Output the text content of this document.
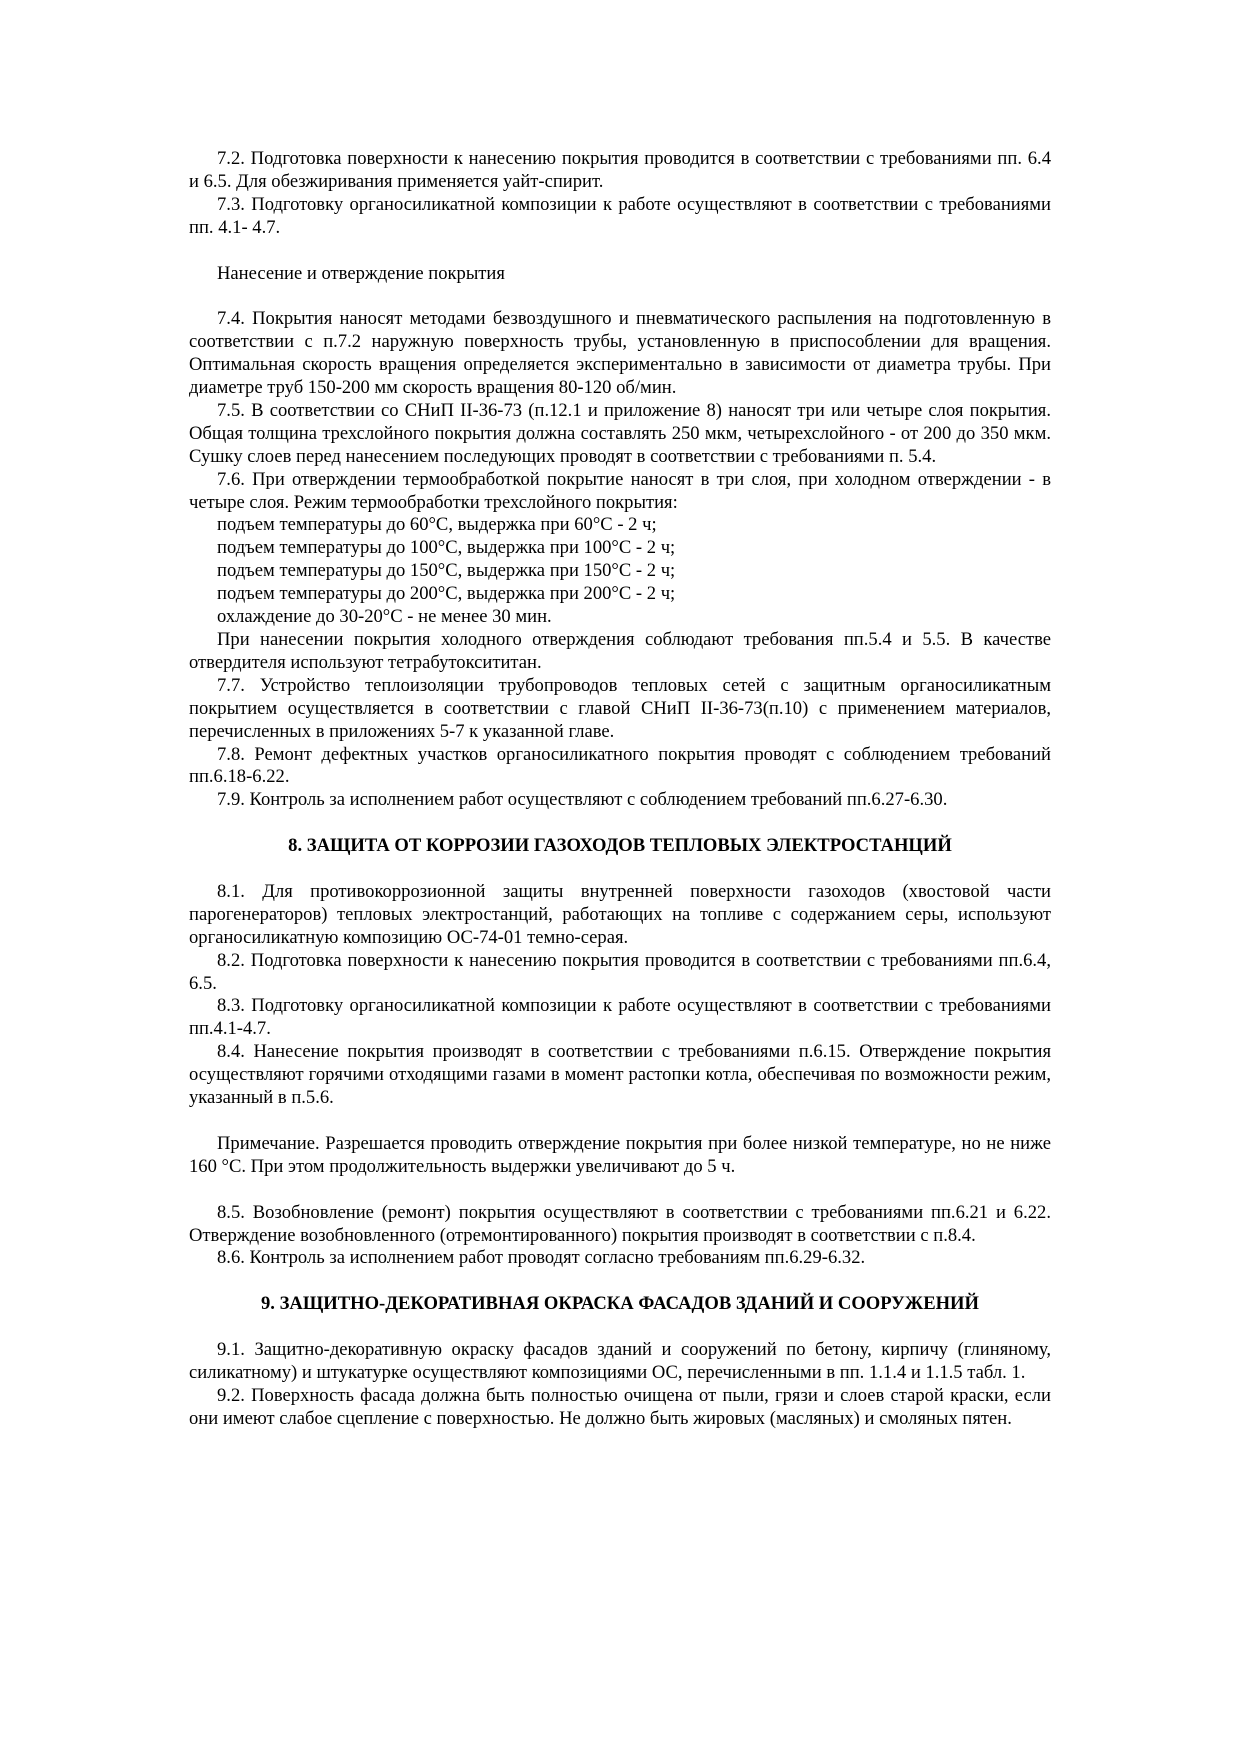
7.2. Подготовка поверхности к нанесению покрытия проводится в соответствии с требованиями пп. 6.4 и 6.5. Для обезжиривания применяется уайт-спирит.

7.3. Подготовку органосиликатной композиции к работе осуществляют в соответствии с требованиями пп. 4.1- 4.7.

Нанесение и отверждение покрытия

7.4. Покрытия наносят методами безвоздушного и пневматического распыления на подготовленную в соответствии с п.7.2 наружную поверхность трубы, установленную в приспособлении для вращения. Оптимальная скорость вращения определяется экспериментально в зависимости от диаметра трубы. При диаметре труб 150-200 мм скорость вращения 80-120 об/мин.

7.5. В соответствии со СНиП II-36-73 (п.12.1 и приложение 8) наносят три или четыре слоя покрытия. Общая толщина трехслойного покрытия должна составлять 250 мкм, четырехслойного - от 200 до 350 мкм. Сушку слоев перед нанесением последующих проводят в соответствии с требованиями п. 5.4.

7.6. При отверждении термообработкой покрытие наносят в три слоя, при холодном отверждении - в четыре слоя. Режим термообработки трехслойного покрытия:

подъем температуры до 60°С, выдержка при 60°С - 2 ч;

подъем температуры до 100°С, выдержка при 100°С - 2 ч;

подъем температуры до 150°С, выдержка при 150°С - 2 ч;

подъем температуры до 200°С, выдержка при 200°С - 2 ч;

охлаждение до 30-20°С - не менее 30 мин.

При нанесении покрытия холодного отверждения соблюдают требования пп.5.4 и 5.5. В качестве отвердителя используют тетрабутоксититан.

7.7. Устройство теплоизоляции трубопроводов тепловых сетей с защитным органосиликатным покрытием осуществляется в соответствии с главой СНиП II-36-73(п.10) с применением материалов, перечисленных в приложениях 5-7 к указанной главе.

7.8. Ремонт дефектных участков органосиликатного покрытия проводят с соблюдением требований пп.6.18-6.22.

7.9. Контроль за исполнением работ осуществляют с соблюдением требований пп.6.27-6.30.

8. ЗАЩИТА ОТ КОРРОЗИИ ГАЗОХОДОВ ТЕПЛОВЫХ ЭЛЕКТРОСТАНЦИЙ

8.1. Для противокоррозионной защиты внутренней поверхности газоходов (хвостовой части парогенераторов) тепловых электростанций, работающих на топливе с содержанием серы, используют органосиликатную композицию ОС-74-01 темно-серая.

8.2. Подготовка поверхности к нанесению покрытия проводится в соответствии с требованиями пп.6.4, 6.5.

8.3. Подготовку органосиликатной композиции к работе осуществляют в соответствии с требованиями пп.4.1-4.7.

8.4. Нанесение покрытия производят в соответствии с требованиями п.6.15. Отверждение покрытия осуществляют горячими отходящими газами в момент растопки котла, обеспечивая по возможности режим, указанный в п.5.6.

Примечание. Разрешается проводить отверждение покрытия при более низкой температуре, но не ниже 160 °С. При этом продолжительность выдержки увеличивают до 5 ч.

8.5. Возобновление (ремонт) покрытия осуществляют в соответствии с требованиями пп.6.21 и 6.22. Отверждение возобновленного (отремонтированного) покрытия производят в соответствии с п.8.4.

8.6. Контроль за исполнением работ проводят согласно требованиям пп.6.29-6.32.

9. ЗАЩИТНО-ДЕКОРАТИВНАЯ ОКРАСКА ФАСАДОВ ЗДАНИЙ И СООРУЖЕНИЙ

9.1. Защитно-декоративную окраску фасадов зданий и сооружений по бетону, кирпичу (глиняному, силикатному) и штукатурке осуществляют композициями ОС, перечисленными в пп. 1.1.4 и 1.1.5 табл. 1.

9.2. Поверхность фасада должна быть полностью очищена от пыли, грязи и слоев старой краски, если они имеют слабое сцепление с поверхностью. Не должно быть жировых (масляных) и смоляных пятен.
